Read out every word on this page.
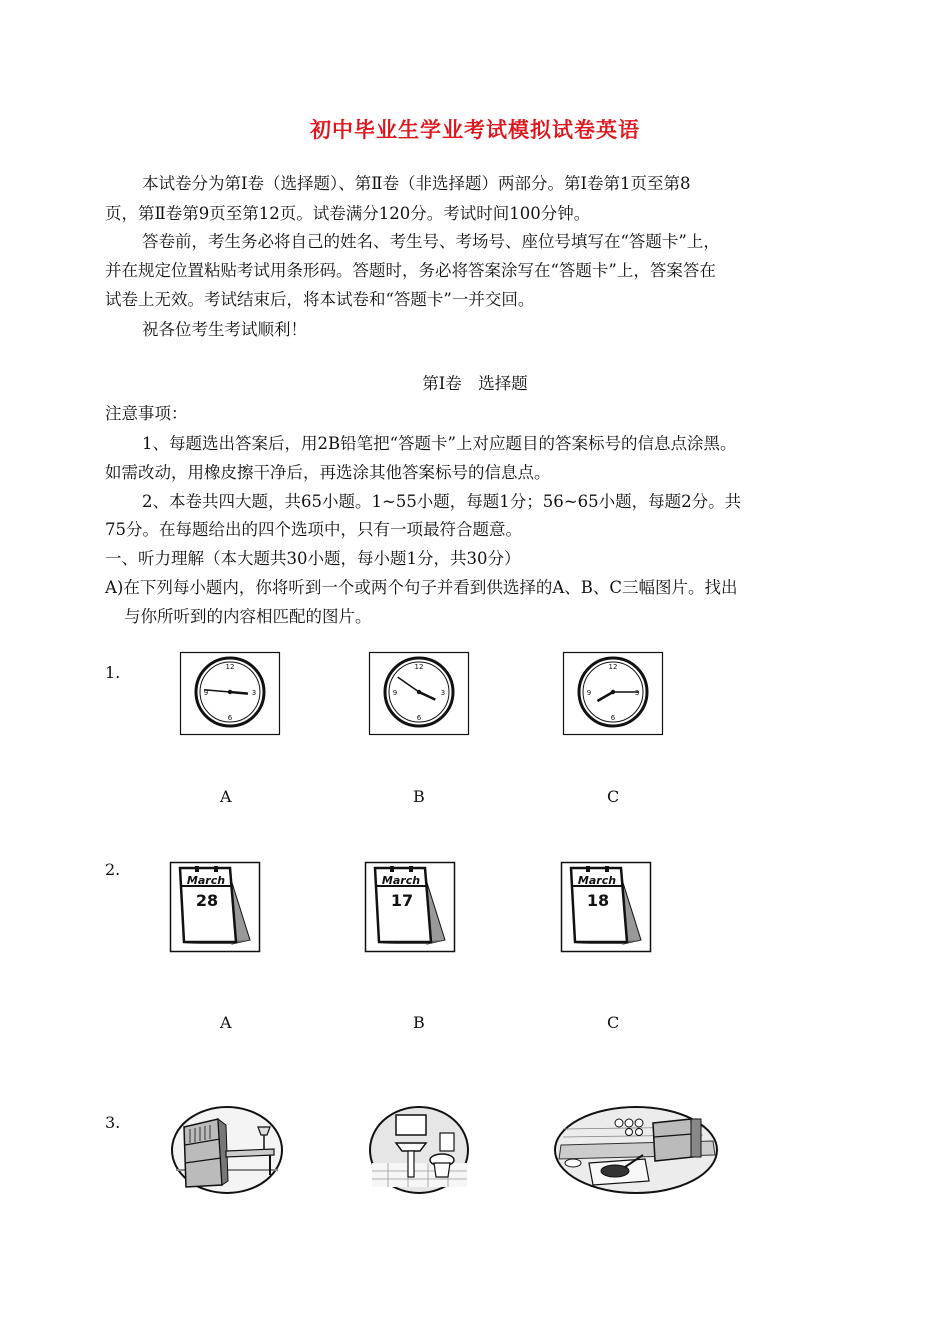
初中毕业生学业考试模拟试卷英语
本试卷分为第Ⅰ卷（选择题）、第Ⅱ卷（非选择题）两部分。第Ⅰ卷第1页至第8
页，第Ⅱ卷第9页至第12页。试卷满分120分。考试时间100分钟。
答卷前，考生务必将自己的姓名、考生号、考场号、座位号填写在“答题卡”上，
并在规定位置粘贴考试用条形码。答题时，务必将答案涂写在“答题卡”上，答案答在
试卷上无效。考试结束后，将本试卷和“答题卡”一并交回。
祝各位考生考试顺利！
第Ⅰ卷　选择题
注意事项：
1、每题选出答案后，用2B铅笔把“答题卡”上对应题目的答案标号的信息点涂黑。
如需改动，用橡皮擦干净后，再选涂其他答案标号的信息点。
2、本卷共四大题，共65小题。1~55小题，每题1分；56~65小题，每题2分。共
75分。在每题给出的四个选项中，只有一项最符合题意。
一、听力理解（本大题共30小题，每小题1分，共30分）
A)在下列每小题内，你将听到一个或两个句子并看到供选择的A、B、C三幅图片。找出
与你所听到的内容相匹配的图片。
1.	12
3
6
9
A
12
3
6
9
B
12
3
6
9
C
2.
March
28
A
March
17
B
March
18
C
3.
